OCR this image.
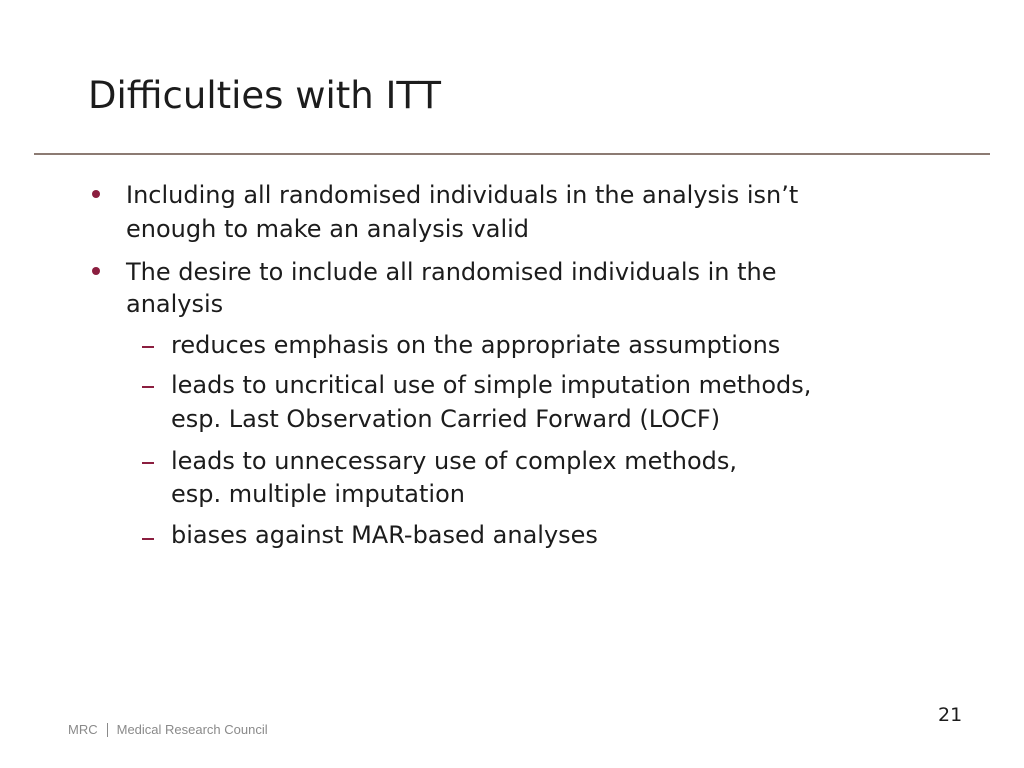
Difficulties with ITT
Including all randomised individuals in the analysis isn’t
enough to make an analysis valid
The desire to include all randomised individuals in the
analysis
reduces emphasis on the appropriate assumptions
leads to uncritical use of simple imputation methods,
esp. Last Observation Carried Forward (LOCF)
leads to unnecessary use of complex methods,
esp. multiple imputation
biases against MAR-based analyses
MRC Medical Research Council
21
